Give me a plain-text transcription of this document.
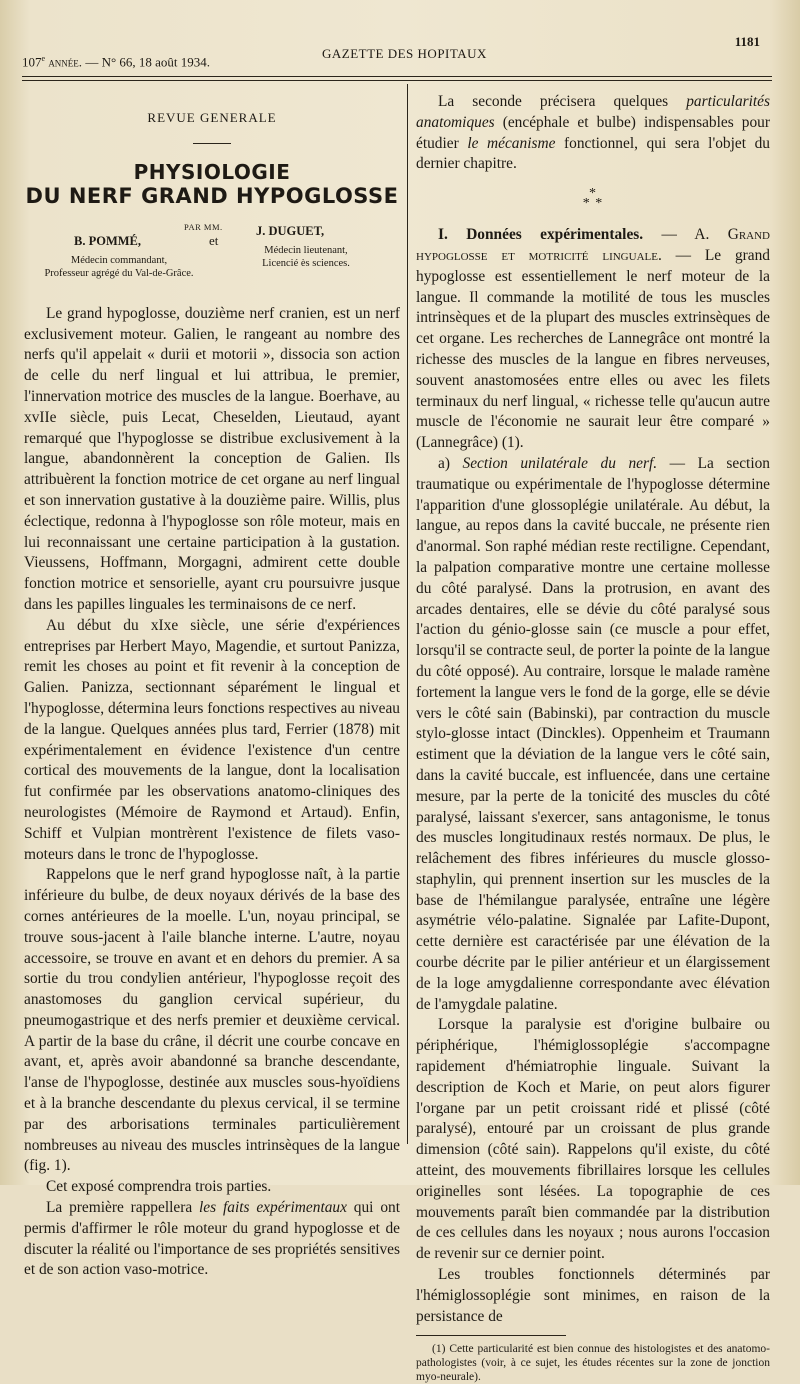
107e année. — N° 66, 18 août 1934.
GAZETTE DES HOPITAUX
1181
REVUE GENERALE
PHYSIOLOGIE
DU NERF GRAND HYPOGLOSSE
PAR MM.
B. POMMÉ,	et
J. DUGUET,
Médecin commandant,
Professeur agrégé du Val-de-Grâce.
Médecin lieutenant,
Licencié ès sciences.

Le grand hypoglosse, douzième nerf cranien, est un nerf exclusivement moteur. Galien, le rangeant au nombre des nerfs qu'il appelait « durii et motorii », dissocia son action de celle du nerf lingual et lui attribua, le premier, l'innervation motrice des muscles de la langue. Boerhave, au xvIIe siècle, puis Lecat, Cheselden, Lieutaud, ayant remarqué que l'hypoglosse se distribue exclusivement à la langue, abandonnèrent la conception de Galien. Ils attribuèrent la fonction motrice de cet organe au nerf lingual et son innervation gustative à la douzième paire. Willis, plus éclectique, redonna à l'hypoglosse son rôle moteur, mais en lui reconnaissant une certaine participation à la gustation. Vieussens, Hoffmann, Morgagni, admirent cette double fonction motrice et sensorielle, ayant cru poursuivre jusque dans les papilles linguales les terminaisons de ce nerf.

Au début du xIxe siècle, une série d'expériences entreprises par Herbert Mayo, Magendie, et surtout Panizza, remit les choses au point et fit revenir à la conception de Galien. Panizza, sectionnant séparément le lingual et l'hypoglosse, détermina leurs fonctions respectives au niveau de la langue. Quelques années plus tard, Ferrier (1878) mit expérimentalement en évidence l'existence d'un centre cortical des mouvements de la langue, dont la localisation fut confirmée par les observations anatomo-cliniques des neurologistes (Mémoire de Raymond et Artaud). Enfin, Schiff et Vulpian montrèrent l'existence de filets vaso-moteurs dans le tronc de l'hypoglosse.

Rappelons que le nerf grand hypoglosse naît, à la partie inférieure du bulbe, de deux noyaux dérivés de la base des cornes antérieures de la moelle. L'un, noyau principal, se trouve sous-jacent à l'aile blanche interne. L'autre, noyau accessoire, se trouve en avant et en dehors du premier. A sa sortie du trou condylien antérieur, l'hypoglosse reçoit des anastomoses du ganglion cervical supérieur, du pneumogastrique et des nerfs premier et deuxième cervical. A partir de la base du crâne, il décrit une courbe concave en avant, et, après avoir abandonné sa branche descendante, l'anse de l'hypoglosse, destinée aux muscles sous-hyoïdiens et à la branche descendante du plexus cervical, il se termine par des arborisations terminales particulièrement nombreuses au niveau des muscles intrinsèques de la langue (fig. 1).

Cet exposé comprendra trois parties.

La première rappellera les faits expérimentaux qui ont permis d'affirmer le rôle moteur du grand hypoglosse et de discuter la réalité ou l'importance de ses propriétés sensitives et de son action vaso-motrice.

La seconde précisera quelques particularités anatomiques (encéphale et bulbe) indispensables pour étudier le mécanisme fonctionnel, qui sera l'objet du dernier chapitre.

*
* *

I. Données expérimentales. — A. Grand hypoglosse et motricité linguale. — Le grand hypoglosse est essentiellement le nerf moteur de la langue. Il commande la motilité de tous les muscles intrinsèques et de la plupart des muscles extrinsèques de cet organe. Les recherches de Lannegrâce ont montré la richesse des muscles de la langue en fibres nerveuses, souvent anastomosées entre elles ou avec les filets terminaux du nerf lingual, « richesse telle qu'aucun autre muscle de l'économie ne saurait leur être comparé » (Lannegrâce) (1).

a) Section unilatérale du nerf. — La section traumatique ou expérimentale de l'hypoglosse détermine l'apparition d'une glossoplégie unilatérale. Au début, la langue, au repos dans la cavité buccale, ne présente rien d'anormal. Son raphé médian reste rectiligne. Cependant, la palpation comparative montre une certaine mollesse du côté paralysé. Dans la protrusion, en avant des arcades dentaires, elle se dévie du côté paralysé sous l'action du génio-glosse sain (ce muscle a pour effet, lorsqu'il se contracte seul, de porter la pointe de la langue du côté opposé). Au contraire, lorsque le malade ramène fortement la langue vers le fond de la gorge, elle se dévie vers le côté sain (Babinski), par contraction du muscle stylo-glosse intact (Dinckles). Oppenheim et Traumann estiment que la déviation de la langue vers le côté sain, dans la cavité buccale, est influencée, dans une certaine mesure, par la perte de la tonicité des muscles du côté paralysé, laissant s'exercer, sans antagonisme, le tonus des muscles longitudinaux restés normaux. De plus, le relâchement des fibres inférieures du muscle glosso-staphylin, qui prennent insertion sur les muscles de la base de l'hémilangue paralysée, entraîne une légère asymétrie vélo-palatine. Signalée par Lafite-Dupont, cette dernière est caractérisée par une élévation de la courbe décrite par le pilier antérieur et un élargissement de la loge amygdalienne correspondante avec élévation de l'amygdale palatine.

Lorsque la paralysie est d'origine bulbaire ou périphérique, l'hémiglossoplégie s'accompagne rapidement d'hémiatrophie linguale. Suivant la description de Koch et Marie, on peut alors figurer l'organe par un petit croissant ridé et plissé (côté paralysé), entouré par un croissant de plus grande dimension (côté sain). Rappelons qu'il existe, du côté atteint, des mouvements fibrillaires lorsque les cellules originelles sont lésées. La topographie de ces mouvements paraît bien commandée par la distribution de ces cellules dans les noyaux ; nous aurons l'occasion de revenir sur ce dernier point.

Les troubles fonctionnels déterminés par l'hémiglossoplégie sont minimes, en raison de la persistance de

(1) Cette particularité est bien connue des histologistes et des anatomo-pathologistes (voir, à ce sujet, les études récentes sur la zone de jonction myo-neurale).
